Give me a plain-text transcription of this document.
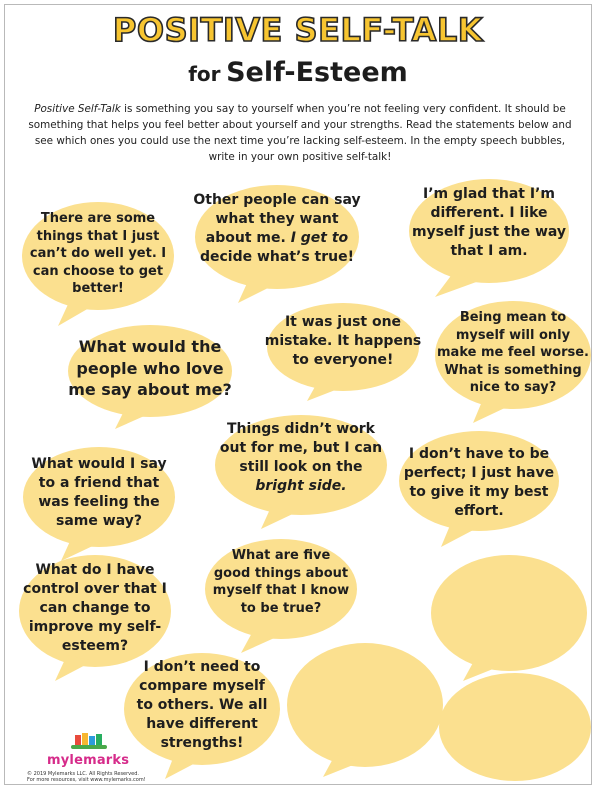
POSITIVE SELF-TALK
for Self-Esteem
Positive Self-Talk is something you say to yourself when you’re not feeling very confident. It should be something that helps you feel better about yourself and your strengths. Read the statements below and see which ones you could use the next time you’re lacking self-esteem. In the empty speech bubbles, write in your own positive self-talk!
There are some
things that I just
can’t do well yet. I
can choose to get
better!
Other people can say
what they want
about me. I get to
decide what’s true!
I’m glad that I’m
different. I like
myself just the way
that I am.
What would the
people who love
me say about me?
It was just one
mistake. It happens
to everyone!
Being mean to
myself will only
make me feel worse.
What is something
nice to say?
Things didn’t work
out for me, but I can
still look on the
bright side.
What would I say
to a friend that
was feeling the
same way?
I don’t have to be
perfect; I just have
to give it my best
effort.
What do I have
control over that I
can change to
improve my self-
esteem?
What are five
good things about
myself that I know
to be true?
I don’t need to
compare myself
to others. We all
have different
strengths!
mylemarks
© 2019 Mylemarks LLC. All Rights Reserved.
For more resources, visit www.mylemarks.com!
